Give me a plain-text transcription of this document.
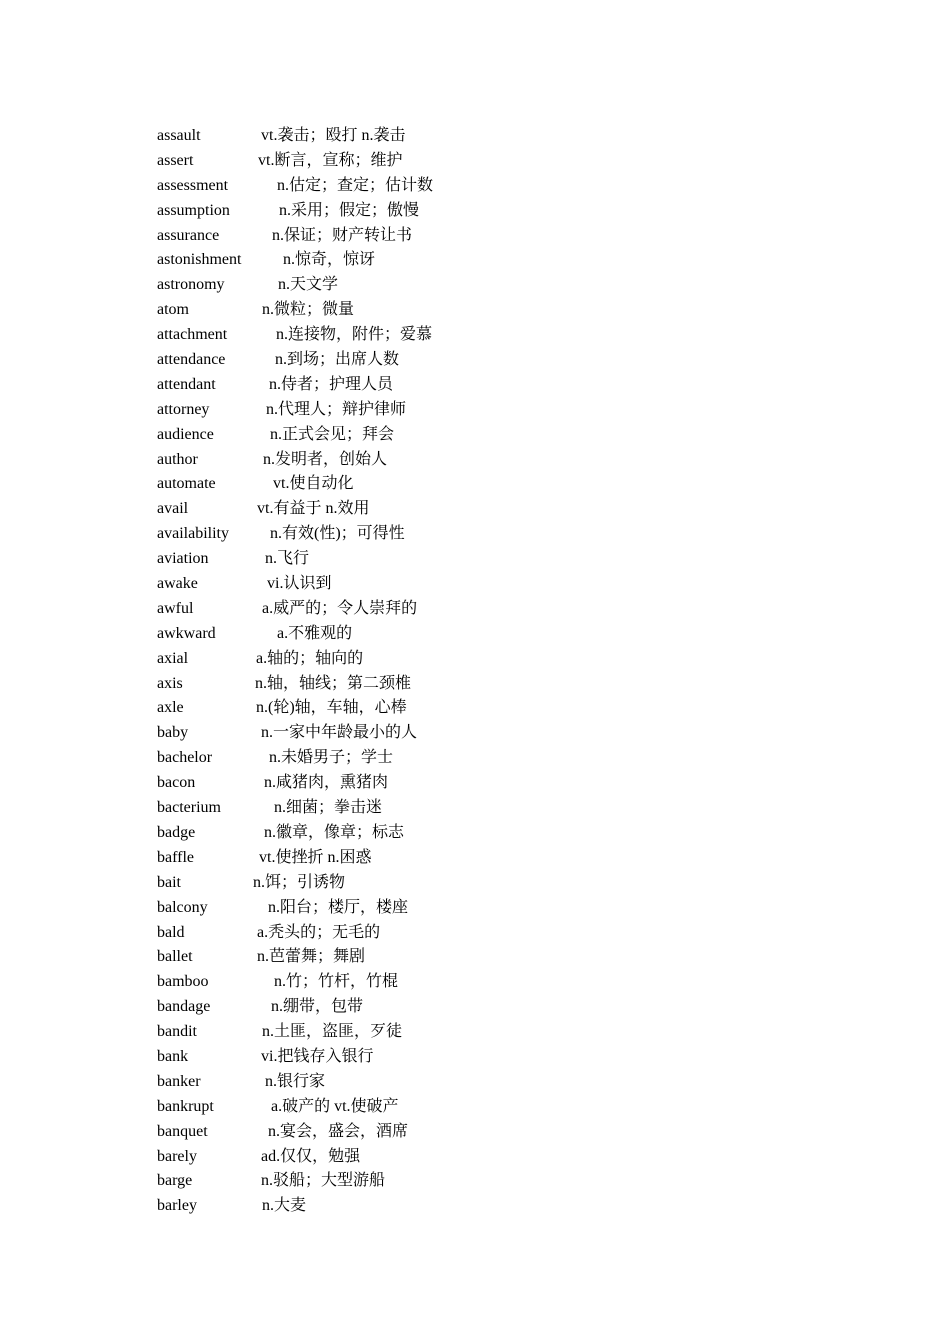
assault	vt.袭击；殴打 n.袭击
assert	vt.断言，宣称；维护
assessment	n.估定；查定；估计数
assumption	n.采用；假定；傲慢
assurance	n.保证；财产转让书
astonishment	n.惊奇，惊讶
astronomy	n.天文学
atom	n.微粒；微量
attachment	n.连接物，附件；爱慕
attendance	n.到场；出席人数
attendant	n.侍者；护理人员
attorney	n.代理人；辩护律师
audience	n.正式会见；拜会
author	n.发明者，创始人
automate	vt.使自动化
avail	vt.有益于 n.效用
availability	n.有效(性)；可得性
aviation	n.飞行
awake	vi.认识到
awful	a.威严的；令人崇拜的
awkward	a.不雅观的
axial	a.轴的；轴向的
axis	n.轴，轴线；第二颈椎
axle	n.(轮)轴，车轴，心棒
baby	n.一家中年龄最小的人
bachelor	n.未婚男子；学士
bacon	n.咸猪肉，熏猪肉
bacterium	n.细菌；拳击迷
badge	n.徽章，像章；标志
baffle	vt.使挫折 n.困惑
bait	n.饵；引诱物
balcony	n.阳台；楼厅，楼座
bald	a.秃头的；无毛的
ballet	n.芭蕾舞；舞剧
bamboo	n.竹；竹杆，竹棍
bandage	n.绷带，包带
bandit	n.土匪，盗匪，歹徒
bank	vi.把钱存入银行
banker	n.银行家
bankrupt	a.破产的 vt.使破产
banquet	n.宴会，盛会，酒席
barely	ad.仅仅，勉强
barge	n.驳船；大型游船
barley	n.大麦
